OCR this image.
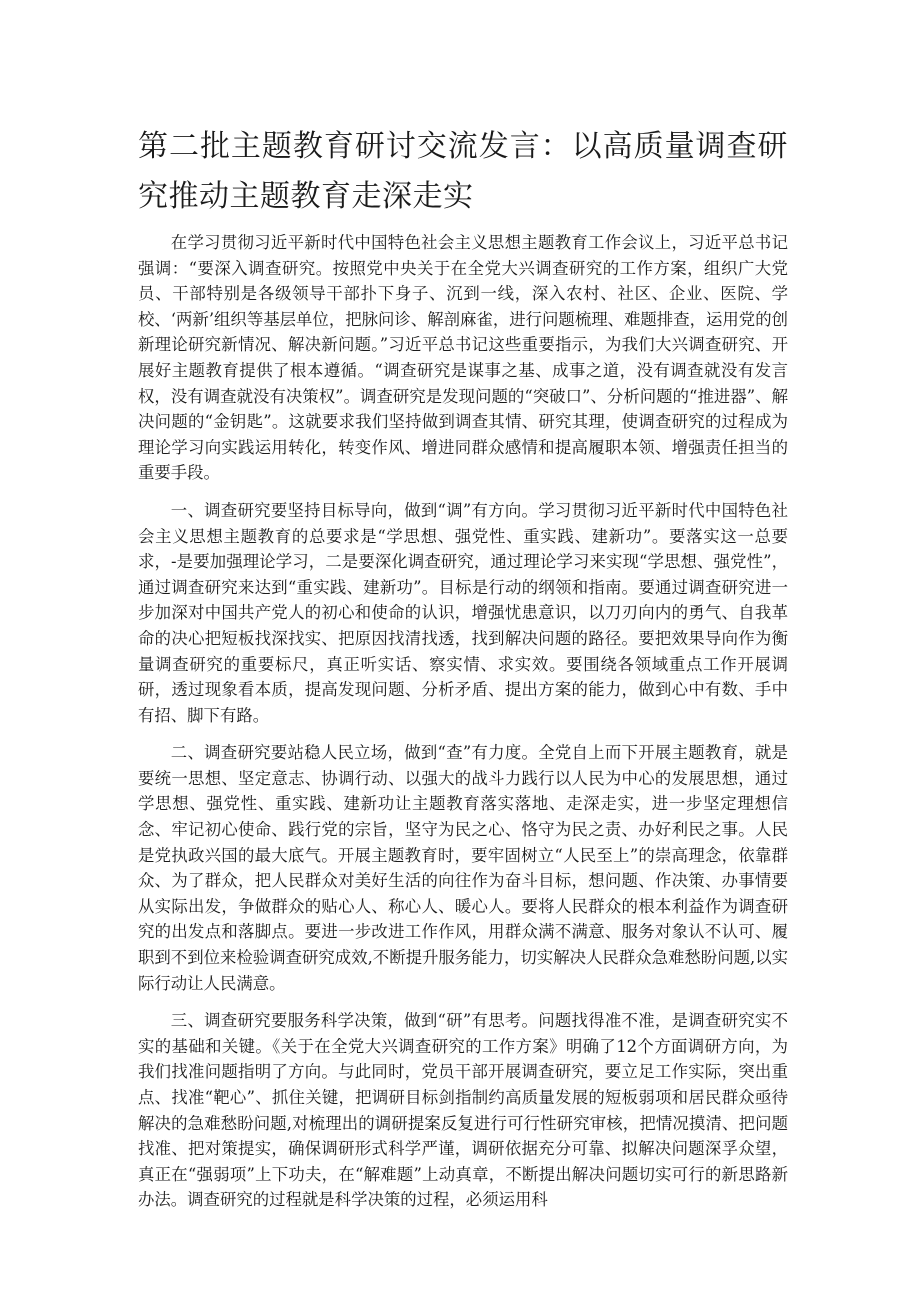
第二批主题教育研讨交流发言：以高质量调查研究推动主题教育走深走实

在学习贯彻习近平新时代中国特色社会主义思想主题教育工作会议上，习近平总书记强调：“要深入调查研究。按照党中央关于在全党大兴调查研究的工作方案，组织广大党员、干部特别是各级领导干部扑下身子、沉到一线，深入农村、社区、企业、医院、学校、‘两新’组织等基层单位，把脉问诊、解剖麻雀，进行问题梳理、难题排查，运用党的创新理论研究新情况、解决新问题。”习近平总书记这些重要指示，为我们大兴调查研究、开展好主题教育提供了根本遵循。“调查研究是谋事之基、成事之道，没有调查就没有发言权，没有调查就没有决策权”。调查研究是发现问题的“突破口”、分析问题的“推进器”、解决问题的“金钥匙”。这就要求我们坚持做到调查其情、研究其理，使调查研究的过程成为理论学习向实践运用转化，转变作风、增进同群众感情和提高履职本领、增强责任担当的重要手段。

一、调查研究要坚持目标导向，做到“调”有方向。学习贯彻习近平新时代中国特色社会主义思想主题教育的总要求是“学思想、强党性、重实践、建新功”。要落实这一总要求，-是要加强理论学习，二是要深化调查研究，通过理论学习来实现“学思想、强党性”，通过调查研究来达到“重实践、建新功”。目标是行动的纲领和指南。要通过调查研究进一步加深对中国共产党人的初心和使命的认识，增强忧患意识，以刀刃向内的勇气、自我革命的决心把短板找深找实、把原因找清找透，找到解决问题的路径。要把效果导向作为衡量调查研究的重要标尺，真正听实话、察实情、求实效。要围绕各领域重点工作开展调研，透过现象看本质，提高发现问题、分析矛盾、提出方案的能力，做到心中有数、手中有招、脚下有路。

二、调查研究要站稳人民立场，做到“查”有力度。全党自上而下开展主题教育，就是要统一思想、坚定意志、协调行动、以强大的战斗力践行以人民为中心的发展思想，通过学思想、强党性、重实践、建新功让主题教育落实落地、走深走实，进一步坚定理想信念、牢记初心使命、践行党的宗旨，坚守为民之心、恪守为民之责、办好利民之事。人民是党执政兴国的最大底气。开展主题教育时，要牢固树立“人民至上”的崇高理念，依靠群众、为了群众，把人民群众对美好生活的向往作为奋斗目标，想问题、作决策、办事情要从实际出发，争做群众的贴心人、称心人、暖心人。要将人民群众的根本利益作为调查研究的出发点和落脚点。要进一步改进工作作风，用群众满不满意、服务对象认不认可、履职到不到位来检验调查研究成效,不断提升服务能力，切实解决人民群众急难愁盼问题,以实际行动让人民满意。

三、调查研究要服务科学决策，做到“研”有思考。问题找得准不准，是调查研究实不实的基础和关键。《关于在全党大兴调查研究的工作方案》明确了12个方面调研方向，为我们找准问题指明了方向。与此同时，党员干部开展调查研究，要立足工作实际，突出重点、找准“靶心”、抓住关键，把调研目标剑指制约高质量发展的短板弱项和居民群众亟待解决的急难愁盼问题,对梳理出的调研提案反复进行可行性研究审核，把情况摸清、把问题找准、把对策提实，确保调研形式科学严谨，调研依据充分可靠、拟解决问题深孚众望，真正在“强弱项”上下功夫，在“解难题”上动真章，不断提出解决问题切实可行的新思路新办法。调查研究的过程就是科学决策的过程，必须运用科
